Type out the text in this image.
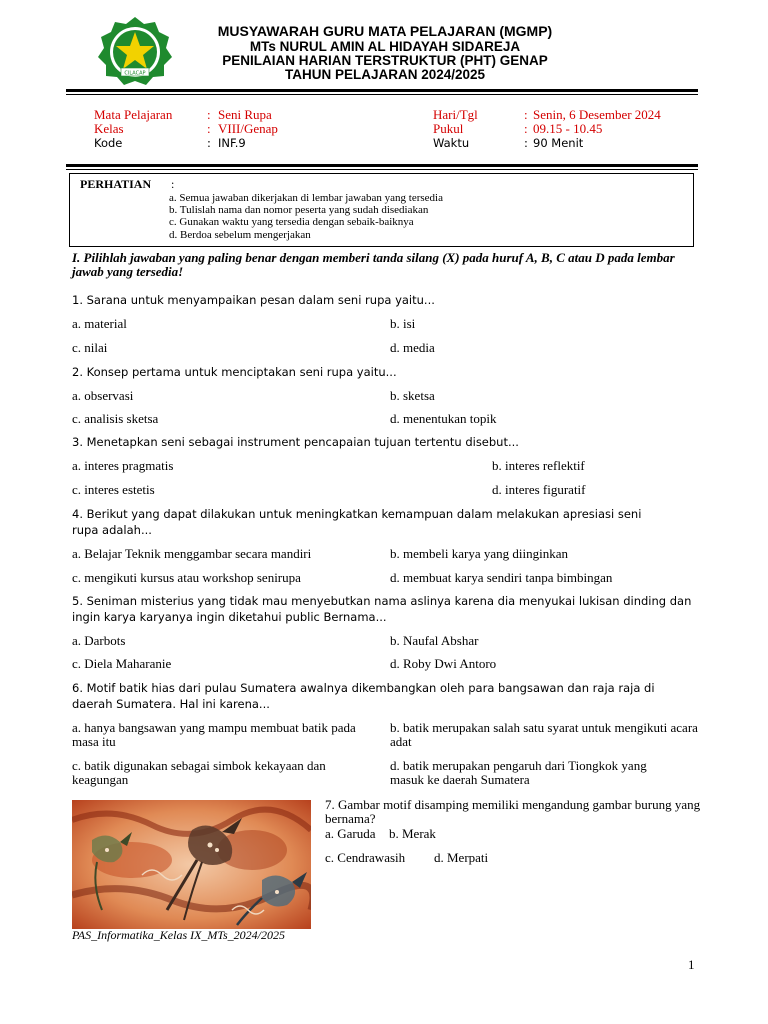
CILACAP
MUSYAWARAH GURU MATA PELAJARAN (MGMP)
MTs NURUL AMIN AL HIDAYAH SIDAREJA
PENILAIAN HARIAN TERSTRUKTUR (PHT) GENAP
TAHUN PELAJARAN 2024/2025
Mata Pelajaran	: Seni Rupa
Kelas	: VIII/Genap
Kode	: INF.9
Hari/Tgl	: Senin, 6 Desember 2024
Pukul	: 09.15 - 10.45
Waktu	: 90 Menit
PERHATIAN :
a. Semua jawaban dikerjakan di lembar jawaban yang tersedia
b. Tulislah nama dan nomor peserta yang sudah disediakan
c. Gunakan waktu yang tersedia dengan sebaik-baiknya
d. Berdoa sebelum mengerjakan
I. Pilihlah jawaban yang paling benar dengan memberi tanda silang (X) pada huruf A, B, C atau D pada lembar jawab yang tersedia!
1. Sarana untuk menyampaikan pesan dalam seni rupa yaitu...
a. material	b. isi
c. nilai	d. media
2. Konsep pertama untuk menciptakan seni rupa yaitu...
a. observasi	b. sketsa
c. analisis sketsa	d. menentukan topik
3. Menetapkan seni sebagai instrument pencapaian tujuan tertentu disebut...
a. interes pragmatis	b. interes reflektif
c. interes estetis	d. interes figuratif
4. Berikut yang dapat dilakukan untuk meningkatkan kemampuan dalam melakukan apresiasi seni rupa adalah...
a. Belajar Teknik menggambar secara mandiri	b. membeli karya yang diinginkan
c. mengikuti kursus atau workshop senirupa	d. membuat karya sendiri tanpa bimbingan
5. Seniman misterius yang tidak mau menyebutkan nama aslinya karena dia menyukai lukisan dinding dan ingin karya karyanya ingin diketahui public Bernama...
a. Darbots	b. Naufal Abshar
c. Diela Maharanie	d. Roby Dwi Antoro
6. Motif batik hias dari pulau Sumatera awalnya dikembangkan oleh para bangsawan dan raja raja di daerah Sumatera. Hal ini karena...
a. hanya bangsawan yang mampu membuat batik pada masa itu
b. batik merupakan salah satu syarat untuk mengikuti acara adat
c. batik digunakan sebagai simbok kekayaan dan keagungan
d. batik merupakan pengaruh dari Tiongkok yang masuk ke daerah Sumatera
7. Gambar motif disamping memiliki mengandung gambar burung yang bernama?
a. Garuda b. Merak
c. Cendrawasih d. Merpati
PAS_Informatika_Kelas IX_MTs_2024/2025
1
